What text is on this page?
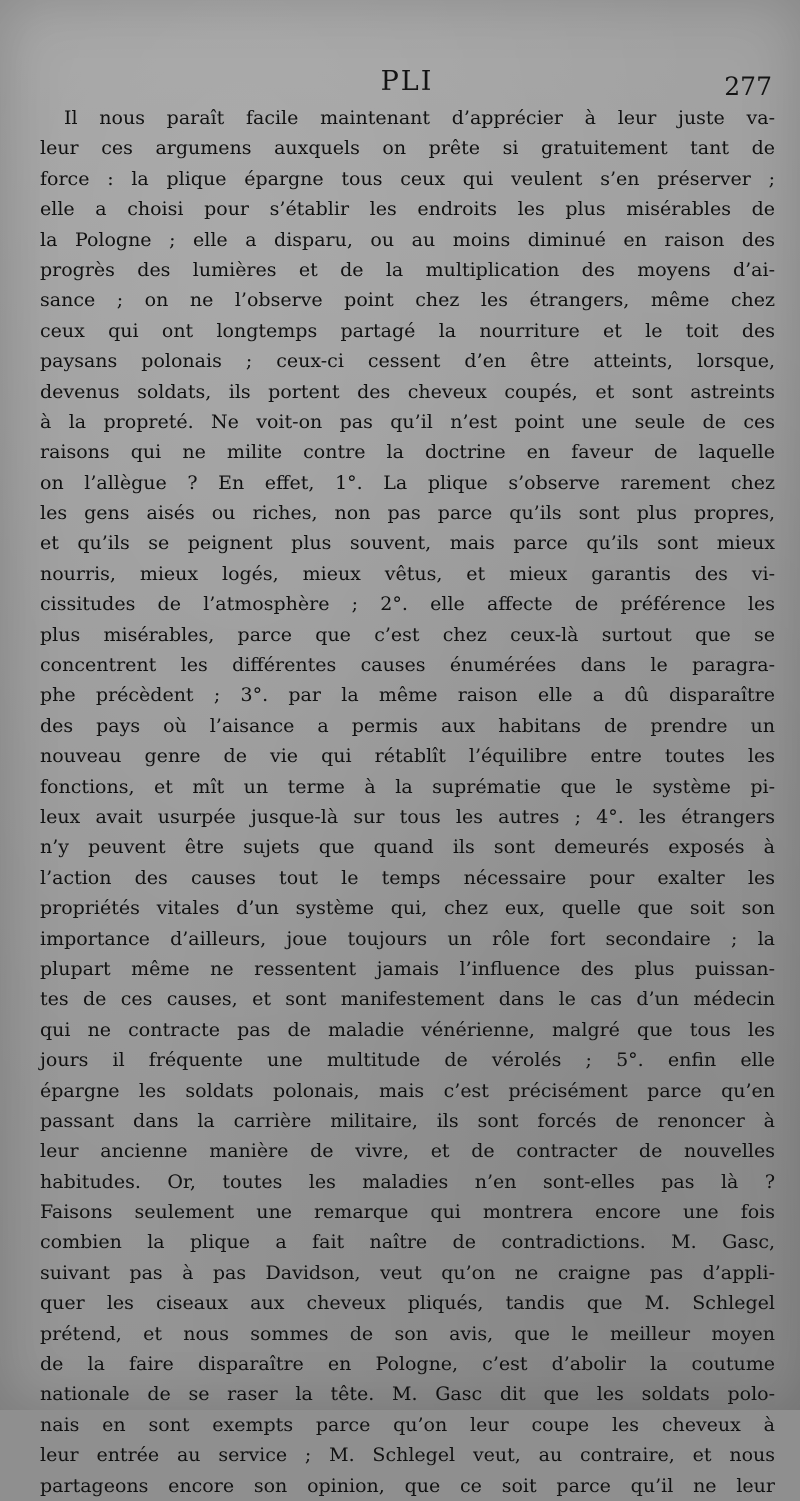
PLI	277
Il nous paraît facile maintenant d’apprécier à leur juste va-
leur ces argumens auxquels on prête si gratuitement tant de
force : la plique épargne tous ceux qui veulent s’en préserver ;
elle a choisi pour s’établir les endroits les plus misérables de
la Pologne ; elle a disparu, ou au moins diminué en raison des
progrès des lumières et de la multiplication des moyens d’ai-
sance ; on ne l’observe point chez les étrangers, même chez
ceux qui ont longtemps partagé la nourriture et le toit des
paysans polonais ; ceux-ci cessent d’en être atteints, lorsque,
devenus soldats, ils portent des cheveux coupés, et sont astreints
à la propreté. Ne voit-on pas qu’il n’est point une seule de ces
raisons qui ne milite contre la doctrine en faveur de laquelle
on l’allègue ? En effet, 1°. La plique s’observe rarement chez
les gens aisés ou riches, non pas parce qu’ils sont plus propres,
et qu’ils se peignent plus souvent, mais parce qu’ils sont mieux
nourris, mieux logés, mieux vêtus, et mieux garantis des vi-
cissitudes de l’atmosphère ; 2°. elle affecte de préférence les
plus misérables, parce que c’est chez ceux-là surtout que se
concentrent les différentes causes énumérées dans le paragra-
phe précèdent ; 3°. par la même raison elle a dû disparaître
des pays où l’aisance a permis aux habitans de prendre un
nouveau genre de vie qui rétablît l’équilibre entre toutes les
fonctions, et mît un terme à la suprématie que le système pi-
leux avait usurpée jusque-là sur tous les autres ; 4°. les étrangers
n’y peuvent être sujets que quand ils sont demeurés exposés à
l’action des causes tout le temps nécessaire pour exalter les
propriétés vitales d’un système qui, chez eux, quelle que soit son
importance d’ailleurs, joue toujours un rôle fort secondaire ; la
plupart même ne ressentent jamais l’influence des plus puissan-
tes de ces causes, et sont manifestement dans le cas d’un médecin
qui ne contracte pas de maladie vénérienne, malgré que tous les
jours il fréquente une multitude de vérolés ; 5°. enfin elle
épargne les soldats polonais, mais c’est précisément parce qu’en
passant dans la carrière militaire, ils sont forcés de renoncer à
leur ancienne manière de vivre, et de contracter de nouvelles
habitudes. Or, toutes les maladies n’en sont-elles pas là ?
Faisons seulement une remarque qui montrera encore une fois
combien la plique a fait naître de contradictions. M. Gasc,
suivant pas à pas Davidson, veut qu’on ne craigne pas d’appli-
quer les ciseaux aux cheveux pliqués, tandis que M. Schlegel
prétend, et nous sommes de son avis, que le meilleur moyen
de la faire disparaître en Pologne, c’est d’abolir la coutume
nationale de se raser la tête. M. Gasc dit que les soldats polo-
nais en sont exempts parce qu’on leur coupe les cheveux à
leur entrée au service ; M. Schlegel veut, au contraire, et nous
partageons encore son opinion, que ce soit parce qu’il ne leur
